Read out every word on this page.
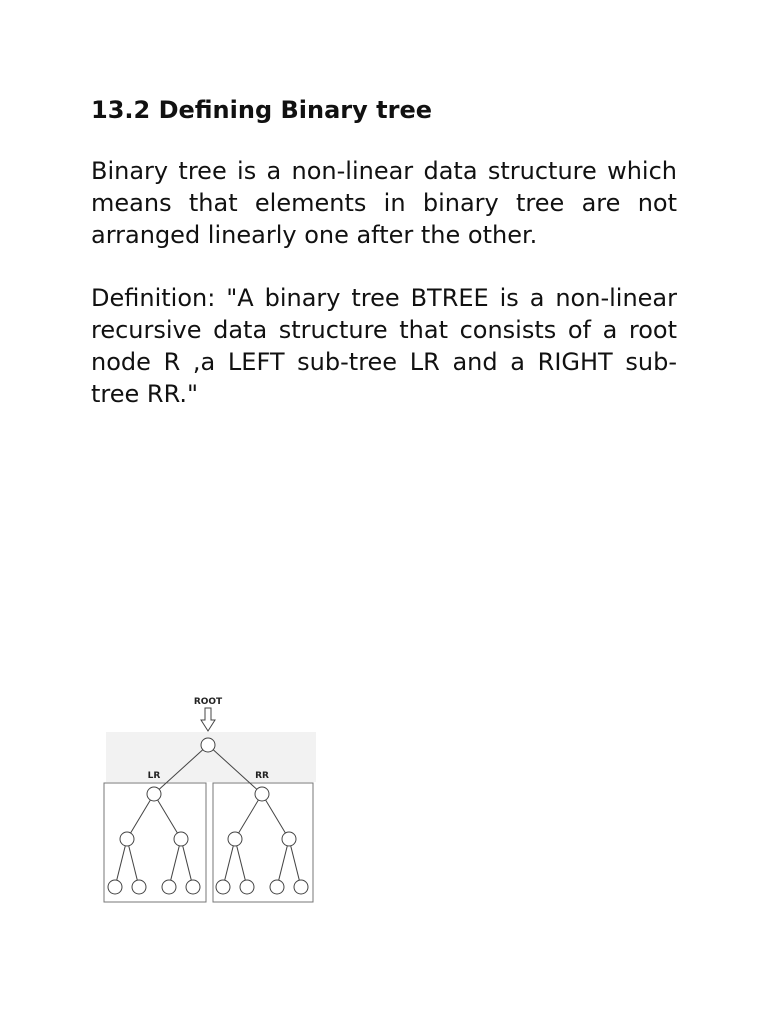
13.2 Defining Binary tree

Binary tree is a non-linear data structure which means that elements in binary tree are not arranged linearly one after the other.

Definition: "A binary tree BTREE is a non-linear recursive data structure that consists of a root node R ,a LEFT sub-tree LR and a RIGHT sub-tree RR."

ROOT
LR	RR
